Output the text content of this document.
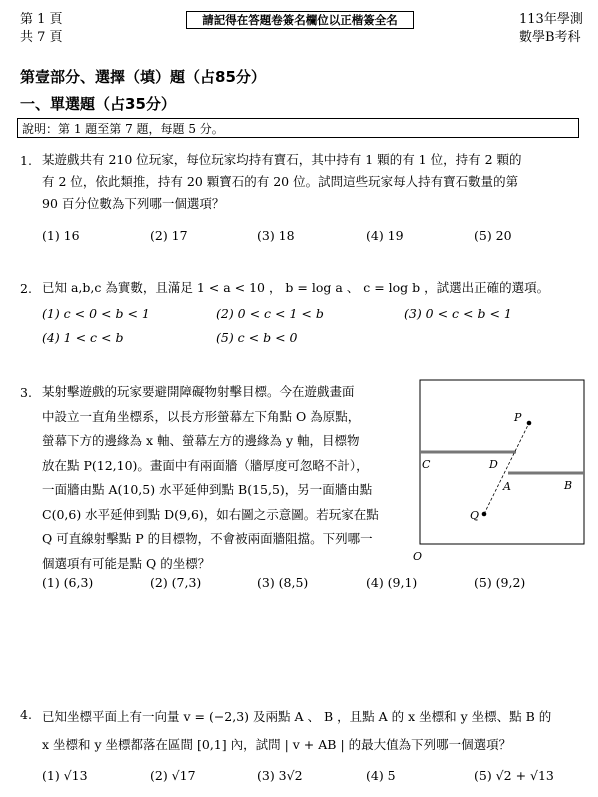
第 1 頁
共 7 頁
請記得在答題卷簽名欄位以正楷簽全名	113年學測
數學B考科
第壹部分、選擇（填）題（占85分）
一、單選題（占35分）
說明：第 1 題至第 7 題，每題 5 分。
1. 某遊戲共有 210 位玩家，每位玩家均持有寶石，其中持有 1 顆的有 1 位，持有 2 顆的
有 2 位，依此類推，持有 20 顆寶石的有 20 位。試問這些玩家每人持有寶石數量的第
90 百分位數為下列哪一個選項？
(1) 16	(2) 17	(3) 18	(4) 19	(5) 20
2. 已知 a,b,c 為實數，且滿足 1 < a < 10 ， b = log a 、 c = log b ，試選出正確的選項。
(1) c < 0 < b < 1	(2) 0 < c < 1 < b	(3) 0 < c < b < 1
(4) 1 < c < b	(5) c < b < 0
3. 某射擊遊戲的玩家要避開障礙物射擊目標。今在遊戲畫面
中設立一直角坐標系，以長方形螢幕左下角點 O 為原點，
螢幕下方的邊緣為 x 軸、螢幕左方的邊緣為 y 軸，目標物
放在點 P(12,10)。畫面中有兩面牆（牆厚度可忽略不計），
一面牆由點 A(10,5) 水平延伸到點 B(15,5)，另一面牆由點
C(0,6) 水平延伸到點 D(9,6)，如右圖之示意圖。若玩家在點
Q 可直線射擊點 P 的目標物，不會被兩面牆阻擋。下列哪一
個選項有可能是點 Q 的坐標？
P
Q
C	D
A	B
O
(1) (6,3)	(2) (7,3)	(3) (8,5)	(4) (9,1)	(5) (9,2)
4. 已知坐標平面上有一向量 v = (−2,3) 及兩點 A 、 B ，且點 A 的 x 坐標和 y 坐標、點 B 的
x 坐標和 y 坐標都落在區間 [0,1] 內，試問 | v + AB | 的最大值為下列哪一個選項？
(1) √13	(2) √17	(3) 3√2	(4) 5	(5) √2 + √13
